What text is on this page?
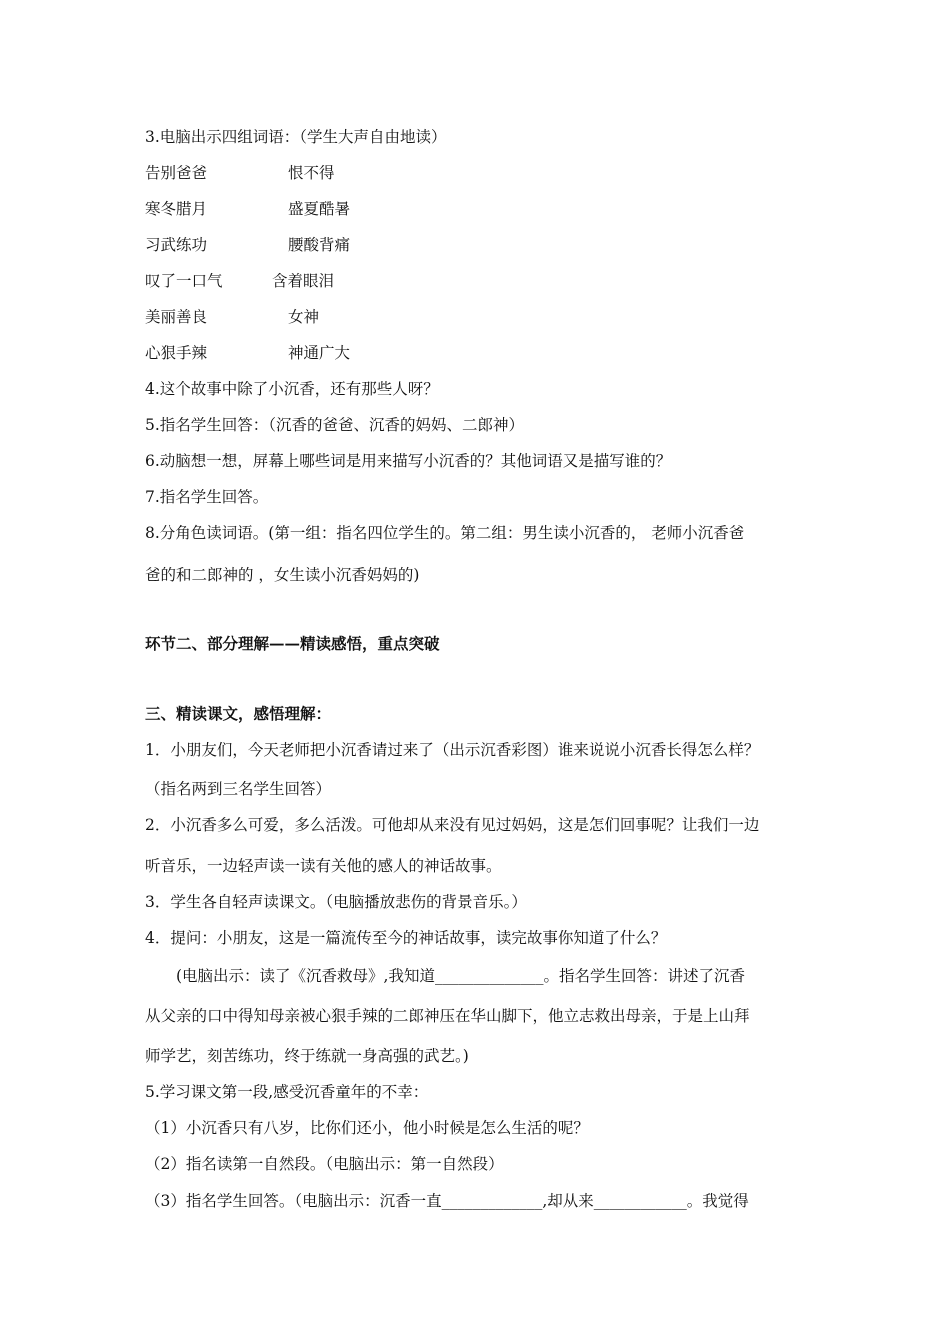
3.电脑出示四组词语：（学生大声自由地读）
告别爸爸	恨不得
寒冬腊月	盛夏酷暑
习武练功	腰酸背痛
叹了一口气	含着眼泪
美丽善良	女神
心狠手辣	神通广大
4.这个故事中除了小沉香，还有那些人呀？
5.指名学生回答：（沉香的爸爸、沉香的妈妈、二郎神）
6.动脑想一想，屏幕上哪些词是用来描写小沉香的？其他词语又是描写谁的？
7.指名学生回答。
8.分角色读词语。(第一组：指名四位学生的。第二组：男生读小沉香的， 老师小沉香爸
爸的和二郎神的 ，女生读小沉香妈妈的)
环节二、部分理解——精读感悟，重点突破
三、精读课文，感悟理解：
1．小朋友们，今天老师把小沉香请过来了（出示沉香彩图）谁来说说小沉香长得怎么样？
（指名两到三名学生回答）
2．小沉香多么可爱，多么活泼。可他却从来没有见过妈妈，这是怎们回事呢？让我们一边
听音乐，一边轻声读一读有关他的感人的神话故事。
3．学生各自轻声读课文。（电脑播放悲伤的背景音乐。）
4．提问：小朋友，这是一篇流传至今的神话故事，读完故事你知道了什么？
(电脑出示：读了《沉香救母》,我知道______________。指名学生回答：讲述了沉香
从父亲的口中得知母亲被心狠手辣的二郎神压在华山脚下，他立志救出母亲，于是上山拜
师学艺，刻苦练功，终于练就一身高强的武艺。)
5.学习课文第一段,感受沉香童年的不幸：
（1）小沉香只有八岁，比你们还小，他小时候是怎么生活的呢？
（2）指名读第一自然段。（电脑出示：第一自然段）
（3）指名学生回答。（电脑出示：沉香一直_____________,却从来____________。我觉得
